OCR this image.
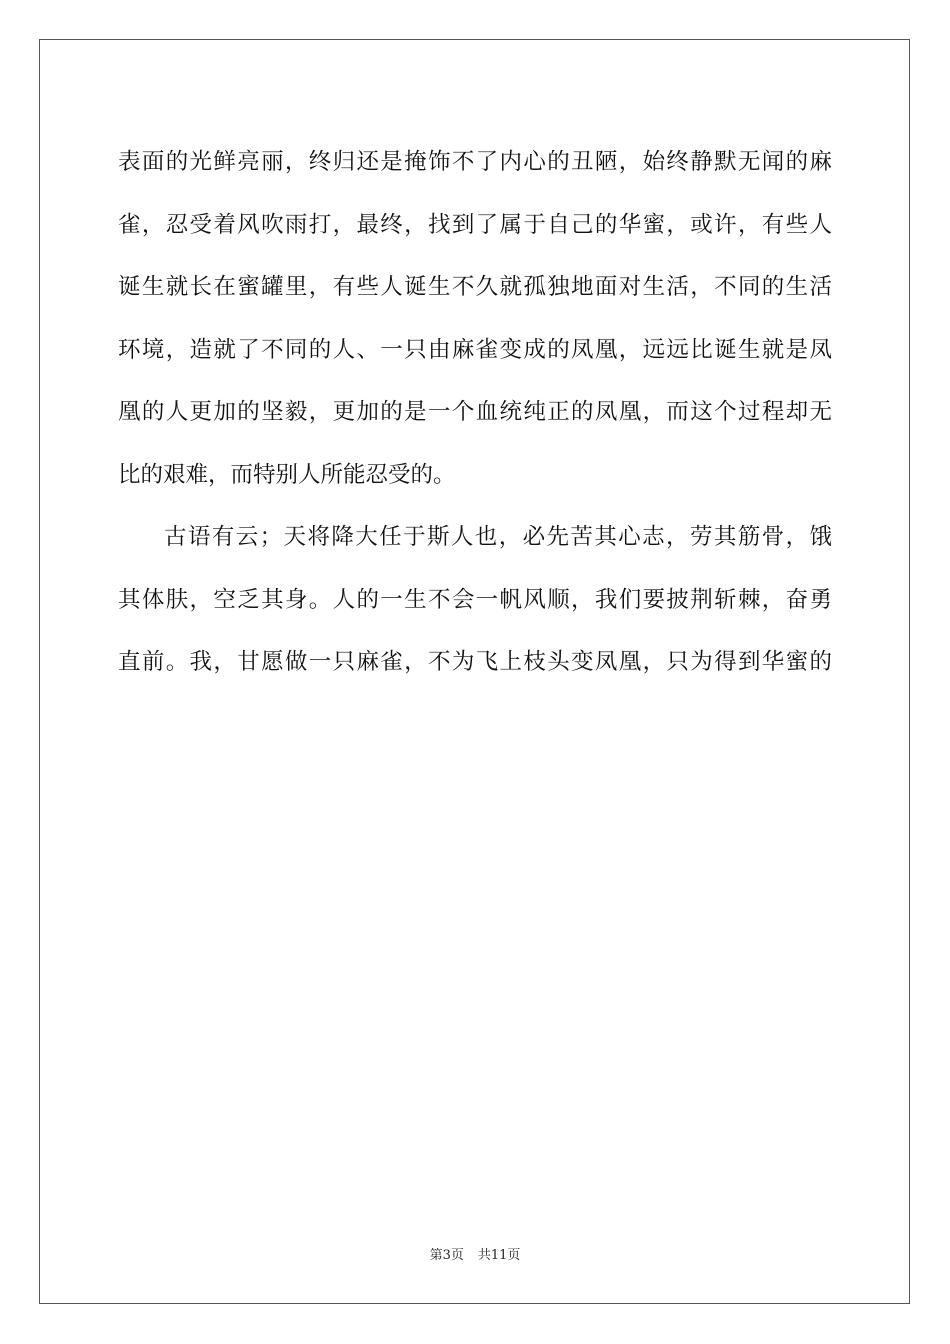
表面的光鲜亮丽，终归还是掩饰不了内心的丑陋，始终静默无闻的麻
雀，忍受着风吹雨打，最终，找到了属于自己的华蜜，或许，有些人
诞生就长在蜜罐里，有些人诞生不久就孤独地面对生活，不同的生活
环境，造就了不同的人、一只由麻雀变成的凤凰，远远比诞生就是凤
凰的人更加的坚毅，更加的是一个血统纯正的凤凰，而这个过程却无
比的艰难，而特别人所能忍受的。
古语有云；天将降大任于斯人也，必先苦其心志，劳其筋骨，饿
其体肤，空乏其身。人的一生不会一帆风顺，我们要披荆斩棘，奋勇
直前。我，甘愿做一只麻雀，不为飞上枝头变凤凰，只为得到华蜜的
第3页 共11页
